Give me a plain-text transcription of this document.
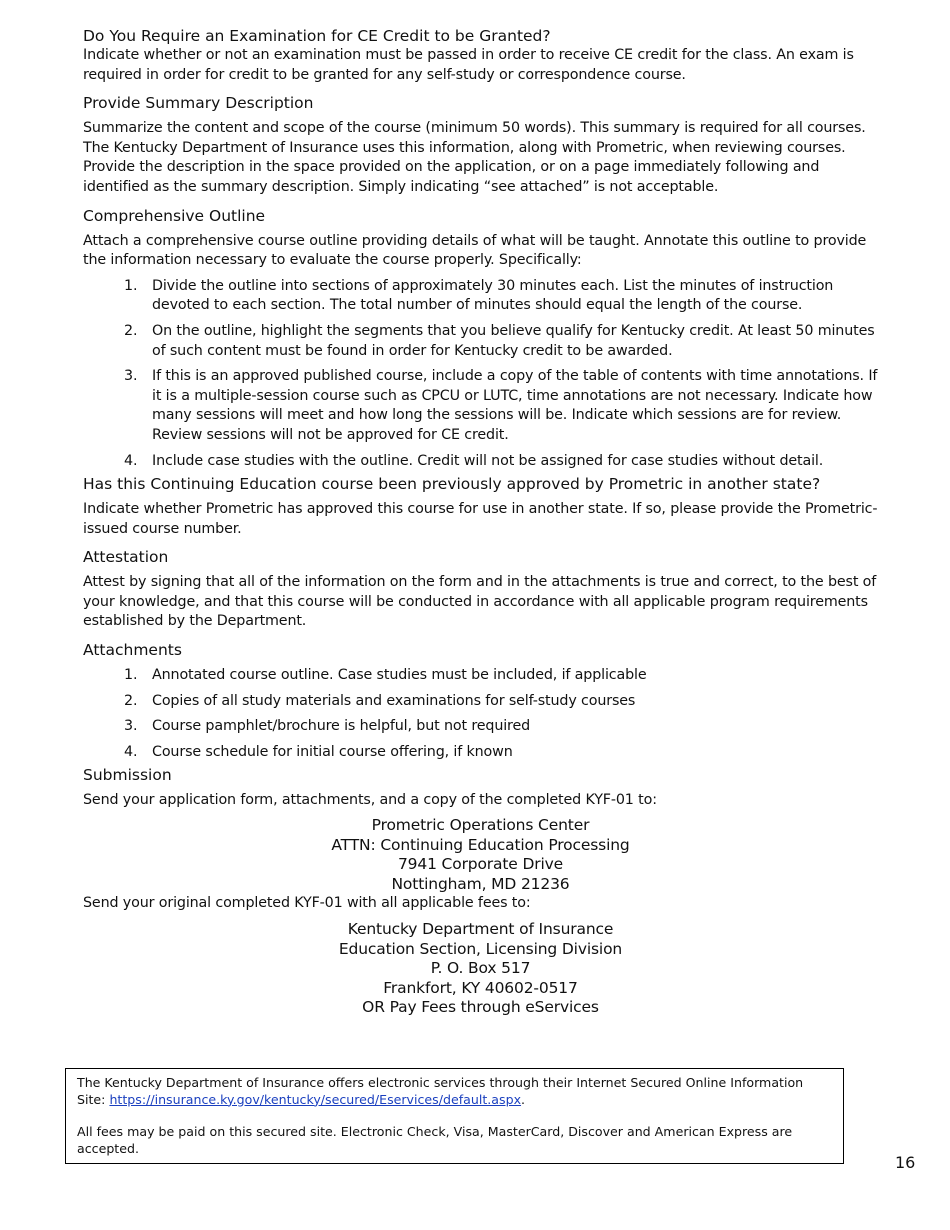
Do You Require an Examination for CE Credit to be Granted?

Indicate whether or not an examination must be passed in order to receive CE credit for the class. An exam is required in order for credit to be granted for any self-study or correspondence course.

Provide Summary Description

Summarize the content and scope of the course (minimum 50 words). This summary is required for all courses. The Kentucky Department of Insurance uses this information, along with Prometric, when reviewing courses. Provide the description in the space provided on the application, or on a page immediately following and identified as the summary description. Simply indicating “see attached” is not acceptable.

Comprehensive Outline

Attach a comprehensive course outline providing details of what will be taught. Annotate this outline to provide the information necessary to evaluate the course properly. Specifically:

1. Divide the outline into sections of approximately 30 minutes each. List the minutes of instruction devoted to each section. The total number of minutes should equal the length of the course.
2. On the outline, highlight the segments that you believe qualify for Kentucky credit. At least 50 minutes of such content must be found in order for Kentucky credit to be awarded.
3. If this is an approved published course, include a copy of the table of contents with time annotations. If it is a multiple-session course such as CPCU or LUTC, time annotations are not necessary. Indicate how many sessions will meet and how long the sessions will be. Indicate which sessions are for review. Review sessions will not be approved for CE credit.
4. Include case studies with the outline. Credit will not be assigned for case studies without detail.
Has this Continuing Education course been previously approved by Prometric in another state?

Indicate whether Prometric has approved this course for use in another state. If so, please provide the Prometric-issued course number.

Attestation

Attest by signing that all of the information on the form and in the attachments is true and correct, to the best of your knowledge, and that this course will be conducted in accordance with all applicable program requirements established by the Department.

Attachments
1. Annotated course outline. Case studies must be included, if applicable
2. Copies of all study materials and examinations for self-study courses
3. Course pamphlet/brochure is helpful, but not required
4. Course schedule for initial course offering, if known
Submission

Send your application form, attachments, and a copy of the completed KYF-01 to:

Prometric Operations Center

ATTN: Continuing Education Processing

7941 Corporate Drive

Nottingham, MD 21236

Send your original completed KYF-01 with all applicable fees to:

Kentucky Department of Insurance

Education Section, Licensing Division

P. O. Box 517

Frankfort, KY 40602-0517

OR Pay Fees through eServices

The Kentucky Department of Insurance offers electronic services through their Internet Secured Online Information Site: https://insurance.ky.gov/kentucky/secured/Eservices/default.aspx.
All fees may be paid on this secured site. Electronic Check, Visa, MasterCard, Discover and American Express are accepted.
16
